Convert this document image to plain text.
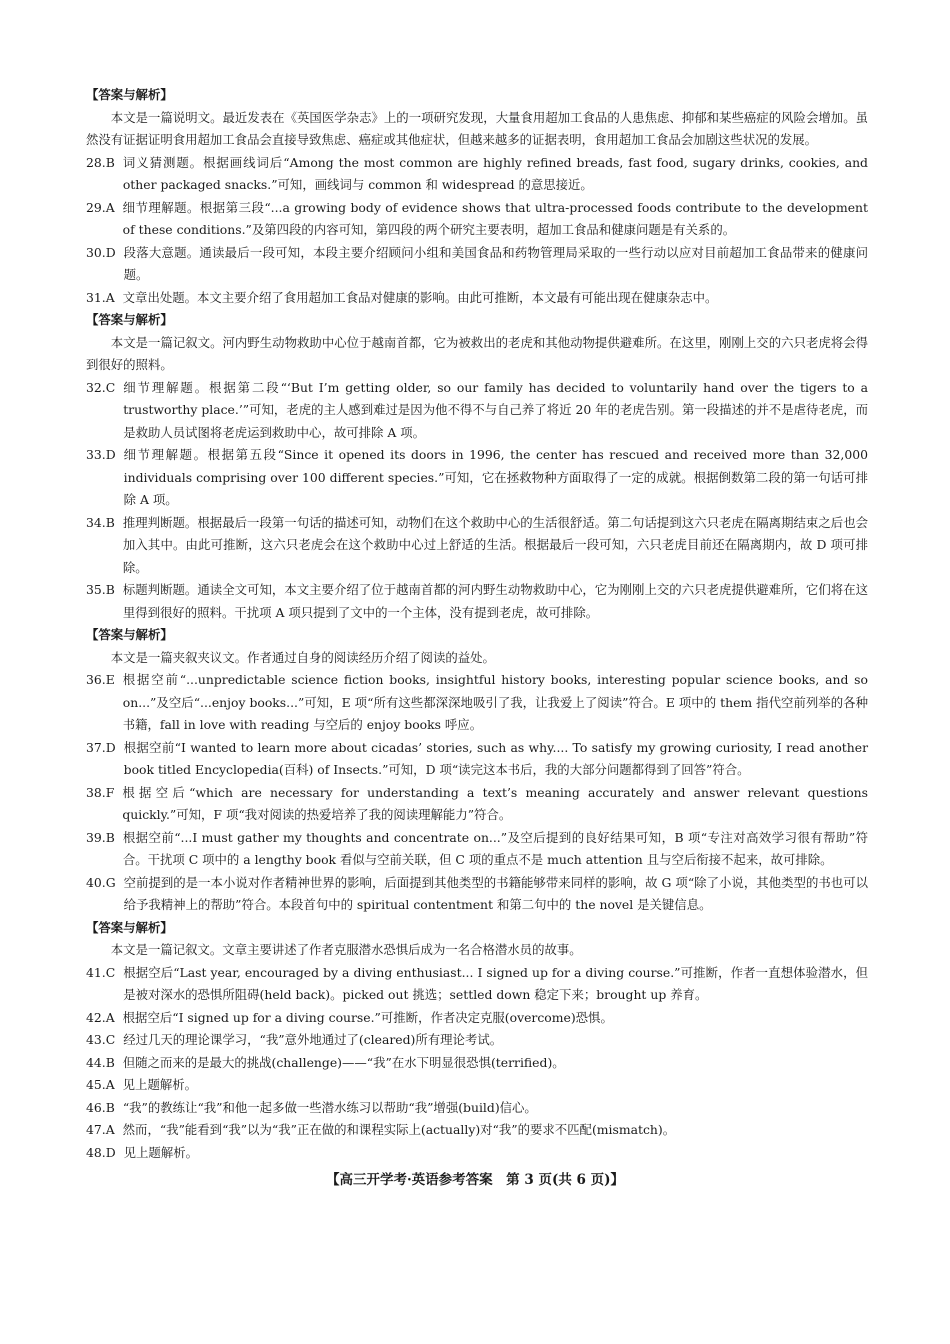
【答案与解析】
本文是一篇说明文。最近发表在《英国医学杂志》上的一项研究发现，大量食用超加工食品的人患焦虑、抑郁和某些癌症的风险会增加。虽然没有证据证明食用超加工食品会直接导致焦虑、癌症或其他症状，但越来越多的证据表明，食用超加工食品会加剧这些状况的发展。
28.B 词义猜测题。根据画线词后“Among the most common are highly refined breads, fast food, sugary drinks, cookies, and other packaged snacks.”可知，画线词与 common 和 widespread 的意思接近。
29.A 细节理解题。根据第三段“...a growing body of evidence shows that ultra-processed foods contribute to the development of these conditions.”及第四段的内容可知，第四段的两个研究主要表明，超加工食品和健康问题是有关系的。
30.D 段落大意题。通读最后一段可知，本段主要介绍顾问小组和美国食品和药物管理局采取的一些行动以应对目前超加工食品带来的健康问题。
31.A 文章出处题。本文主要介绍了食用超加工食品对健康的影响。由此可推断，本文最有可能出现在健康杂志中。
【答案与解析】
本文是一篇记叙文。河内野生动物救助中心位于越南首都，它为被救出的老虎和其他动物提供避难所。在这里，刚刚上交的六只老虎将会得到很好的照料。
32.C 细节理解题。根据第二段“‘But I’m getting older, so our family has decided to voluntarily hand over the tigers to a trustworthy place.’”可知，老虎的主人感到难过是因为他不得不与自己养了将近 20 年的老虎告别。第一段描述的并不是虐待老虎，而是救助人员试图将老虎运到救助中心，故可排除 A 项。
33.D 细节理解题。根据第五段“Since it opened its doors in 1996, the center has rescued and received more than 32,000 individuals comprising over 100 different species.”可知，它在拯救物种方面取得了一定的成就。根据倒数第二段的第一句话可排除 A 项。
34.B 推理判断题。根据最后一段第一句话的描述可知，动物们在这个救助中心的生活很舒适。第二句话提到这六只老虎在隔离期结束之后也会加入其中。由此可推断，这六只老虎会在这个救助中心过上舒适的生活。根据最后一段可知，六只老虎目前还在隔离期内，故 D 项可排除。
35.B 标题判断题。通读全文可知，本文主要介绍了位于越南首都的河内野生动物救助中心，它为刚刚上交的六只老虎提供避难所，它们将在这里得到很好的照料。干扰项 A 项只提到了文中的一个主体，没有提到老虎，故可排除。
【答案与解析】
本文是一篇夹叙夹议文。作者通过自身的阅读经历介绍了阅读的益处。
36.E 根据空前“...unpredictable science fiction books, insightful history books, interesting popular science books, and so on...”及空后“...enjoy books...”可知，E 项“所有这些都深深地吸引了我，让我爱上了阅读”符合。E 项中的 them 指代空前列举的各种书籍，fall in love with reading 与空后的 enjoy books 呼应。
37.D 根据空前“I wanted to learn more about cicadas’ stories, such as why.... To satisfy my growing curiosity, I read another book titled Encyclopedia(百科) of Insects.”可知，D 项“读完这本书后，我的大部分问题都得到了回答”符合。
38.F 根据空后“which are necessary for understanding a text’s meaning accurately and answer relevant questions quickly.”可知，F 项“我对阅读的热爱培养了我的阅读理解能力”符合。
39.B 根据空前“...I must gather my thoughts and concentrate on...”及空后提到的良好结果可知，B 项“专注对高效学习很有帮助”符合。干扰项 C 项中的 a lengthy book 看似与空前关联，但 C 项的重点不是 much attention 且与空后衔接不起来，故可排除。
40.G 空前提到的是一本小说对作者精神世界的影响，后面提到其他类型的书籍能够带来同样的影响，故 G 项“除了小说，其他类型的书也可以给予我精神上的帮助”符合。本段首句中的 spiritual contentment 和第二句中的 the novel 是关键信息。
【答案与解析】
本文是一篇记叙文。文章主要讲述了作者克服潜水恐惧后成为一名合格潜水员的故事。
41.C 根据空后“Last year, encouraged by a diving enthusiast... I signed up for a diving course.”可推断，作者一直想体验潜水，但是被对深水的恐惧所阻碍(held back)。picked out 挑选；settled down 稳定下来；brought up 养育。
42.A 根据空后“I signed up for a diving course.”可推断，作者决定克服(overcome)恐惧。
43.C 经过几天的理论课学习，“我”意外地通过了(cleared)所有理论考试。
44.B 但随之而来的是最大的挑战(challenge)——“我”在水下明显很恐惧(terrified)。
45.A 见上题解析。
46.B “我”的教练让“我”和他一起多做一些潜水练习以帮助“我”增强(build)信心。
47.A 然而，“我”能看到“我”以为“我”正在做的和课程实际上(actually)对“我”的要求不匹配(mismatch)。
48.D 见上题解析。
【高三开学考·英语参考答案　第 3 页(共 6 页)】
